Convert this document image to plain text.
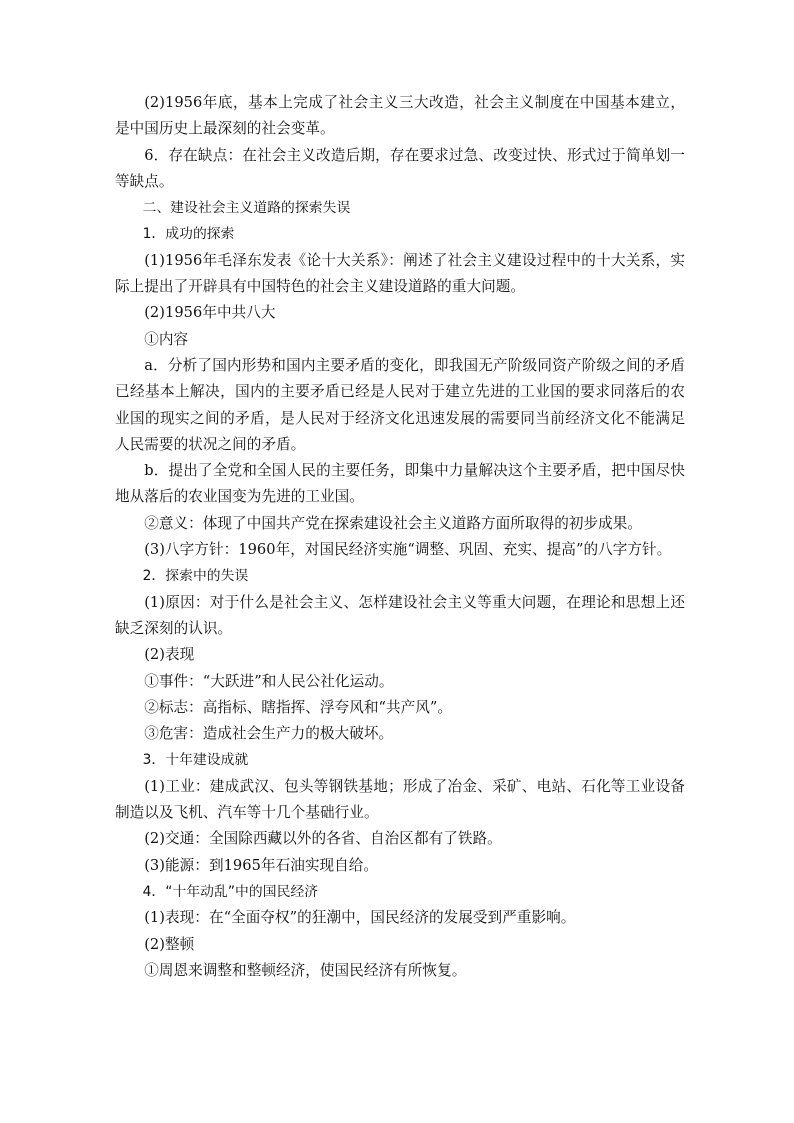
(2)1956年底，基本上完成了社会主义三大改造，社会主义制度在中国基本建立，是中国历史上最深刻的社会变革。

6．存在缺点：在社会主义改造后期，存在要求过急、改变过快、形式过于简单划一等缺点。

二、建设社会主义道路的探索失误

1．成功的探索

(1)1956年毛泽东发表《论十大关系》：阐述了社会主义建设过程中的十大关系，实际上提出了开辟具有中国特色的社会主义建设道路的重大问题。

(2)1956年中共八大

①内容

a．分析了国内形势和国内主要矛盾的变化，即我国无产阶级同资产阶级之间的矛盾已经基本上解决，国内的主要矛盾已经是人民对于建立先进的工业国的要求同落后的农业国的现实之间的矛盾，是人民对于经济文化迅速发展的需要同当前经济文化不能满足人民需要的状况之间的矛盾。

b．提出了全党和全国人民的主要任务，即集中力量解决这个主要矛盾，把中国尽快地从落后的农业国变为先进的工业国。

②意义：体现了中国共产党在探索建设社会主义道路方面所取得的初步成果。

(3)八字方针：1960年，对国民经济实施“调整、巩固、充实、提高”的八字方针。

2．探索中的失误

(1)原因：对于什么是社会主义、怎样建设社会主义等重大问题，在理论和思想上还缺乏深刻的认识。

(2)表现

①事件：“大跃进”和人民公社化运动。

②标志：高指标、瞎指挥、浮夸风和“共产风”。

③危害：造成社会生产力的极大破坏。

3．十年建设成就

(1)工业：建成武汉、包头等钢铁基地；形成了冶金、采矿、电站、石化等工业设备制造以及飞机、汽车等十几个基础行业。

(2)交通：全国除西藏以外的各省、自治区都有了铁路。

(3)能源：到1965年石油实现自给。

4．“十年动乱”中的国民经济

(1)表现：在“全面夺权”的狂潮中，国民经济的发展受到严重影响。

(2)整顿

①周恩来调整和整顿经济，使国民经济有所恢复。
